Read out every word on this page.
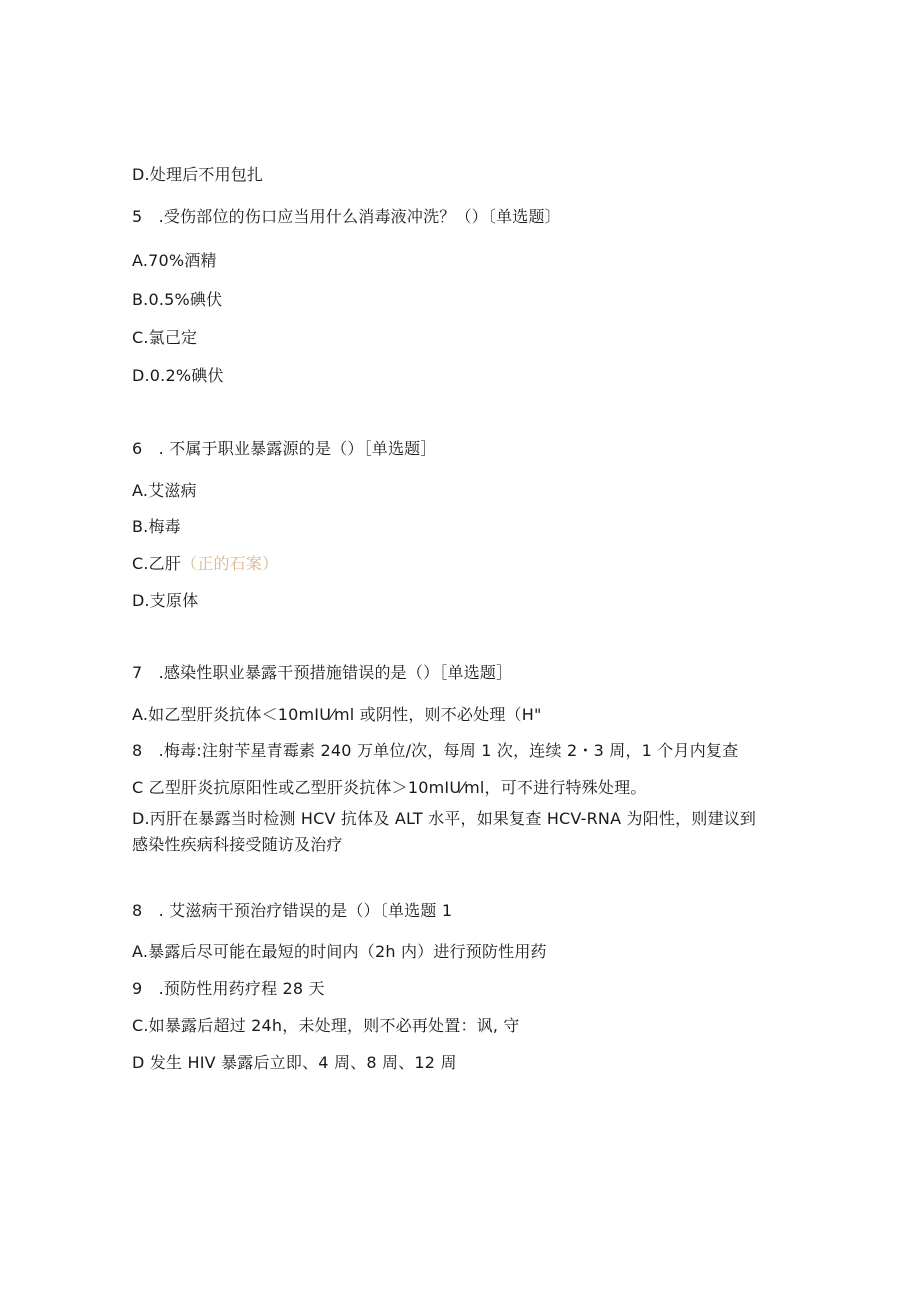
D.处理后不用包扎
5　.受伤部位的伤口应当用什么消毒液冲洗？（）〔单选题〕
A.70%酒精
B.0.5%碘伏
C.氯己定
D.0.2%碘伏
6　. 不属于职业暴露源的是（）［单选题］
A.艾滋病
B.梅毒
C.乙肝（正的石案）
D.支原体
7　.感染性职业暴露干预措施错误的是（）［单选题］
A.如乙型肝炎抗体＜10mIU⁄ml 或阴性，则不必处理（H"
8　.梅毒:注射苄星青霉素 240 万单位/次，每周 1 次，连续 2・3 周，1 个月内复查
C 乙型肝炎抗原阳性或乙型肝炎抗体＞10mIU⁄ml，可不进行特殊处理。
D.丙肝在暴露当时检测 HCV 抗体及 ALT 水平，如果复查 HCV-RNA 为阳性，则建议到
感染性疾病科接受随访及治疗
8　. 艾滋病干预治疗错误的是（）〔单选题 1
A.暴露后尽可能在最短的时间内（2h 内）进行预防性用药
9　.预防性用药疗程 28 天
C.如暴露后超过 24h，未处理，则不必再处置：讽, 守
D 发生 HIV 暴露后立即、4 周、8 周、12 周
